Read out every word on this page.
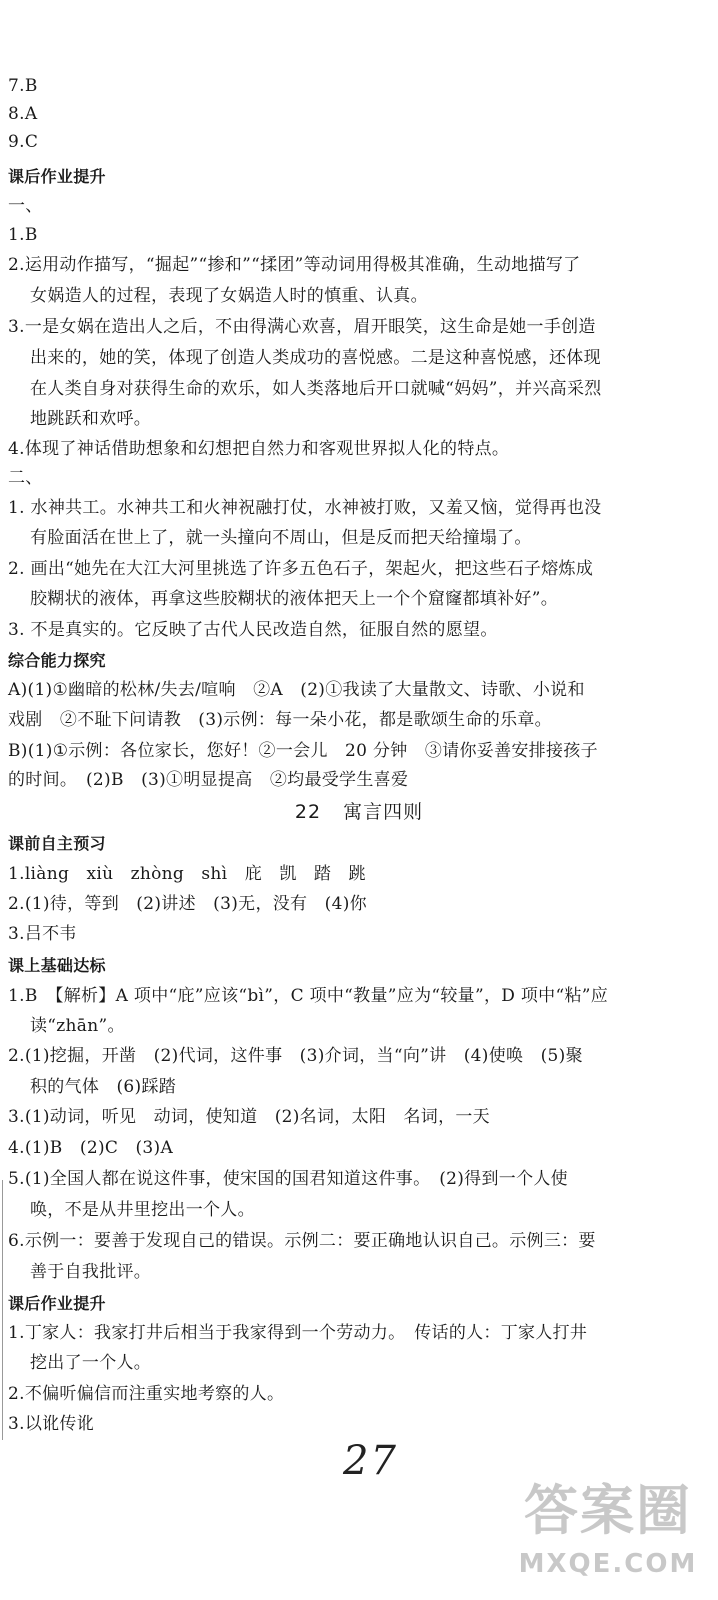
7.B
8.A
9.C
课后作业提升
一、
1.B
2.运用动作描写，“掘起”“掺和”“揉团”等动词用得极其准确，生动地描写了
女娲造人的过程，表现了女娲造人时的慎重、认真。
3.一是女娲在造出人之后，不由得满心欢喜，眉开眼笑，这生命是她一手创造
出来的，她的笑，体现了创造人类成功的喜悦感。二是这种喜悦感，还体现
在人类自身对获得生命的欢乐，如人类落地后开口就喊“妈妈”，并兴高采烈
地跳跃和欢呼。
4.体现了神话借助想象和幻想把自然力和客观世界拟人化的特点。
二、
1. 水神共工。水神共工和火神祝融打仗，水神被打败，又羞又恼，觉得再也没
有脸面活在世上了，就一头撞向不周山，但是反而把天给撞塌了。
2. 画出“她先在大江大河里挑选了许多五色石子，架起火，把这些石子熔炼成
胶糊状的液体，再拿这些胶糊状的液体把天上一个个窟窿都填补好”。
3. 不是真实的。它反映了古代人民改造自然，征服自然的愿望。
综合能力探究
A)(1)①幽暗的松林/失去/喧响　②A　(2)①我读了大量散文、诗歌、小说和
戏剧　②不耻下问请教　(3)示例：每一朵小花，都是歌颂生命的乐章。
B)(1)①示例：各位家长，您好！②一会儿　20 分钟　③请你妥善安排接孩子
的时间。　(2)B　(3)①明显提高　②均最受学生喜爱
22 寓言四则
课前自主预习
1.liàng　xiù　zhòng　shì　庇　凯　踏　跳
2.(1)待，等到　(2)讲述　(3)无，没有　(4)你
3.吕不韦
课上基础达标
1.B　【解析】A 项中“庇”应该“bì”，C 项中“教量”应为“较量”，D 项中“粘”应
读“zhān”。
2.(1)挖掘，开凿　(2)代词，这件事　(3)介词，当“向”讲　(4)使唤　(5)聚
积的气体　(6)踩踏
3.(1)动词，听见　动词，使知道　(2)名词，太阳　名词，一天
4.(1)B　(2)C　(3)A
5.(1)全国人都在说这件事，使宋国的国君知道这件事。　(2)得到一个人使
唤，不是从井里挖出一个人。
6.示例一：要善于发现自己的错误。示例二：要正确地认识自己。示例三：要
善于自我批评。
课后作业提升
1.丁家人：我家打井后相当于我家得到一个劳动力。　传话的人：丁家人打井
挖出了一个人。
2.不偏听偏信而注重实地考察的人。
3.以讹传讹
27
答案圈
MXQE.COM
